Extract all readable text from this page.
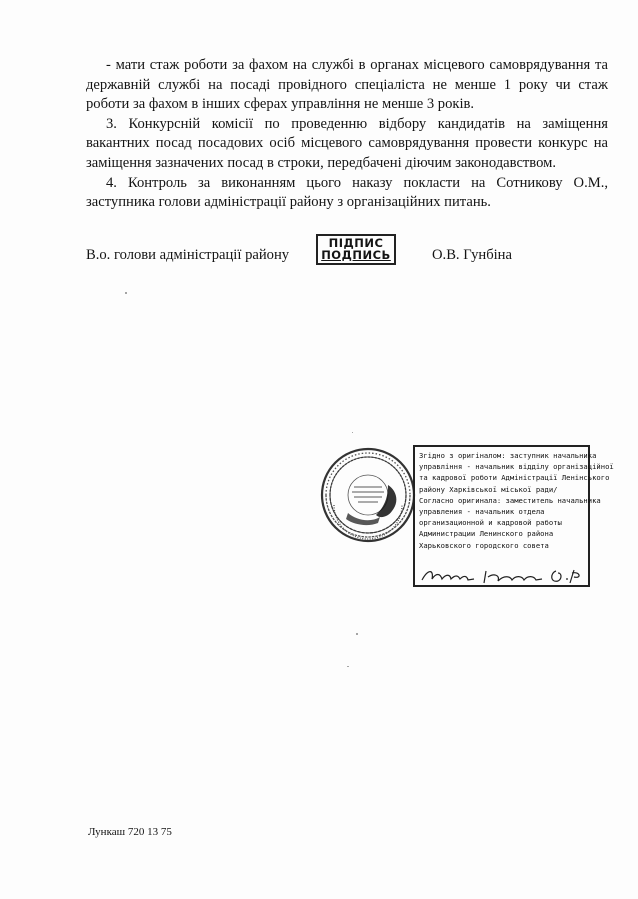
- мати стаж роботи за фахом на службі в органах місцевого самоврядування та державній службі на посаді провідного спеціаліста не менше 1 року чи стаж роботи за фахом в інших сферах управління не менше 3 років.

3. Конкурсній комісії по проведенню відбору кандидатів на заміщення вакантних посад посадових осіб місцевого самоврядування провести конкурс на заміщення зазначених посад в строки, передбачені діючим законодавством.

4. Контроль за виконанням цього наказу покласти на Сотникову О.М., заступника голови адміністрації району з організаційних питань.

В.о. голови адміністрації району
ПІДПИС
ПОДПИСЬ	О.В. Гунбіна
Згідно з оригіналом: заступник начальника
управління - начальник відділу організаційної
та кадрової роботи Адміністрації Ленінського
району Харківської міської ради/
Согласно оригинала: заместитель начальника
управления - начальник отдела
организационной и кадровой работы
Администрации Ленинского района
Харьковского городского совета
Лункаш 720 13 75
